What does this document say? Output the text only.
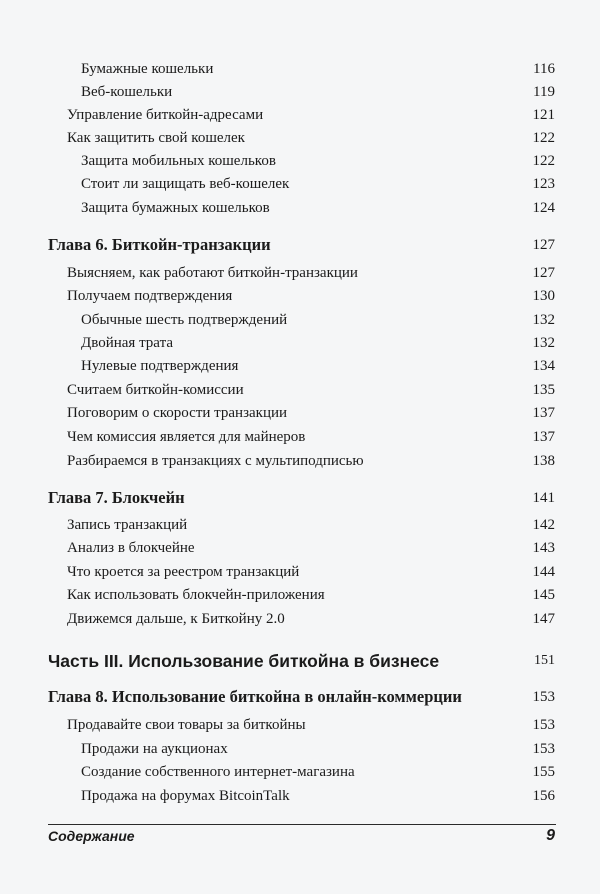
Бумажные кошельки	116
Веб-кошельки	119
Управление биткойн-адресами	121
Как защитить свой кошелек	122
Защита мобильных кошельков	122
Стоит ли защищать веб-кошелек	123
Защита бумажных кошельков	124
Глава 6. Биткойн-транзакции	127
Выясняем, как работают биткойн-транзакции	127
Получаем подтверждения	130
Обычные шесть подтверждений	132
Двойная трата	132
Нулевые подтверждения	134
Считаем биткойн-комиссии	135
Поговорим о скорости транзакции	137
Чем комиссия является для майнеров	137
Разбираемся в транзакциях с мультиподписью	138
Глава 7. Блокчейн	141
Запись транзакций	142
Анализ в блокчейне	143
Что кроется за реестром транзакций	144
Как использовать блокчейн-приложения	145
Движемся дальше, к Биткойну 2.0	147
Часть III. Использование биткойна в бизнесе	151
Глава 8. Использование биткойна в онлайн-коммерции	153
Продавайте свои товары за биткойны	153
Продажи на аукционах	153
Создание собственного интернет-магазина	155
Продажа на форумах BitcoinTalk	156
Содержание	9
